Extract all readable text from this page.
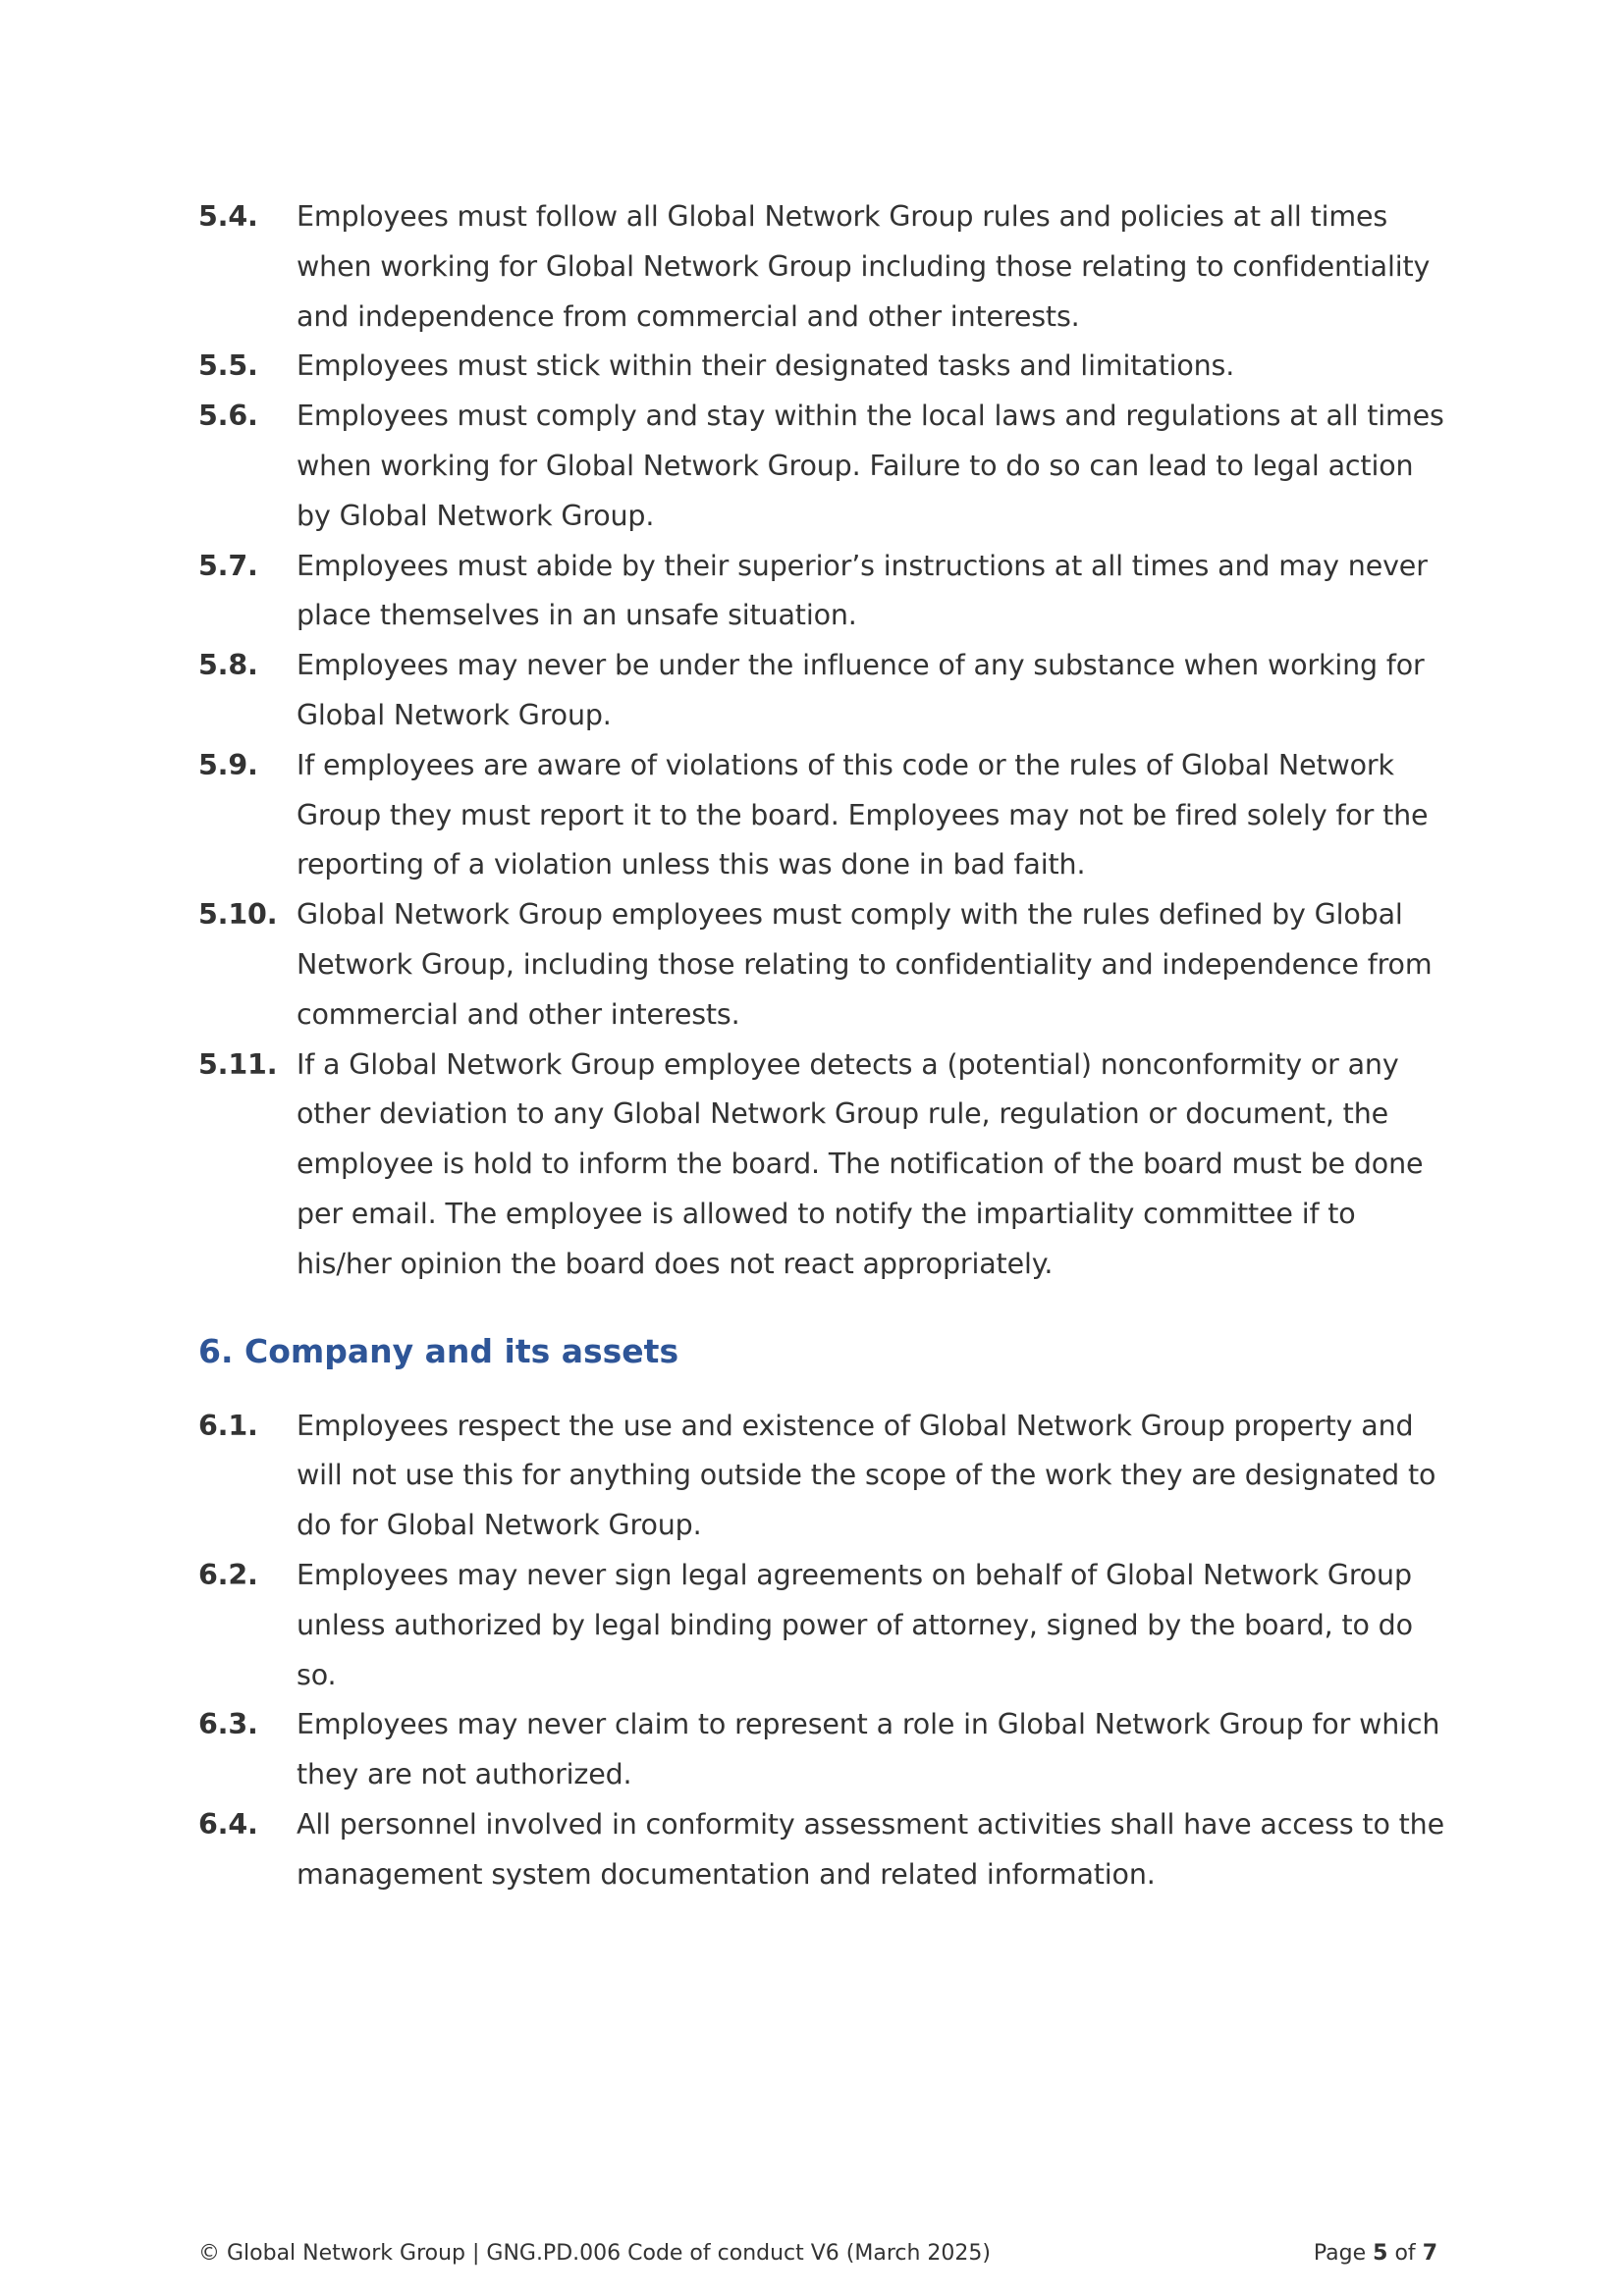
5.4.	Employees must follow all Global Network Group rules and policies at all times when working for Global Network Group including those relating to confidentiality and independence from commercial and other interests.
5.5.	Employees must stick within their designated tasks and limitations.
5.6.	Employees must comply and stay within the local laws and regulations at all times when working for Global Network Group. Failure to do so can lead to legal action by Global Network Group.
5.7.	Employees must abide by their superior’s instructions at all times and may never place themselves in an unsafe situation.
5.8.	Employees may never be under the influence of any substance when working for Global Network Group.
5.9.	If employees are aware of violations of this code or the rules of Global Network Group they must report it to the board. Employees may not be fired solely for the reporting of a violation unless this was done in bad faith.
5.10. Global Network Group employees must comply with the rules defined by Global Network Group, including those relating to confidentiality and independence from commercial and other interests.
5.11. If a Global Network Group employee detects a (potential) nonconformity or any other deviation to any Global Network Group rule, regulation or document, the employee is hold to inform the board. The notification of the board must be done per email. The employee is allowed to notify the impartiality committee if to his/her opinion the board does not react appropriately.
6. Company and its assets
6.1.	Employees respect the use and existence of Global Network Group property and will not use this for anything outside the scope of the work they are designated to do for Global Network Group.
6.2.	Employees may never sign legal agreements on behalf of Global Network Group unless authorized by legal binding power of attorney, signed by the board, to do so.
6.3.	Employees may never claim to represent a role in Global Network Group for which they are not authorized.
6.4.	All personnel involved in conformity assessment activities shall have access to the management system documentation and related information.
© Global Network Group | GNG.PD.006 Code of conduct V6 (March 2025)	Page 5 of 7
